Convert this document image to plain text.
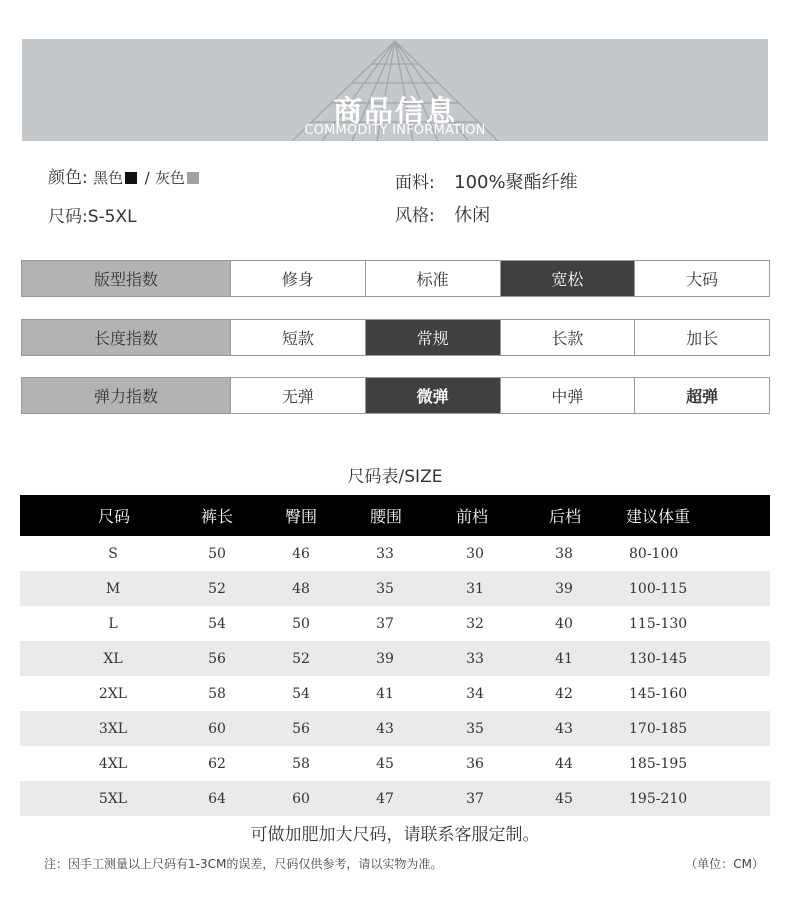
商品信息
COMMODITY INFORMATION
颜色: 黑色 / 灰色
尺码:S-5XL
面料: 100%聚酯纤维
风格: 休闲
版型指数	修身	标准	宽松	大码
长度指数	短款	常规	长款	加长
弹力指数	无弹	微弹	中弹	超弹
尺码表/SIZE
尺码	裤长	臀围	腰围	前档	后档	建议体重
S	50	46	33	30	38	80-100
M	52	48	35	31	39	100-115
L	54	50	37	32	40	115-130
XL	56	52	39	33	41	130-145
2XL	58	54	41	34	42	145-160
3XL	60	56	43	35	43	170-185
4XL	62	58	45	36	44	185-195
5XL	64	60	47	37	45	195-210
可做加肥加大尺码，请联系客服定制。
注：因手工测量以上尺码有1-3CM的误差，尺码仅供参考，请以实物为准。	（单位：CM）
